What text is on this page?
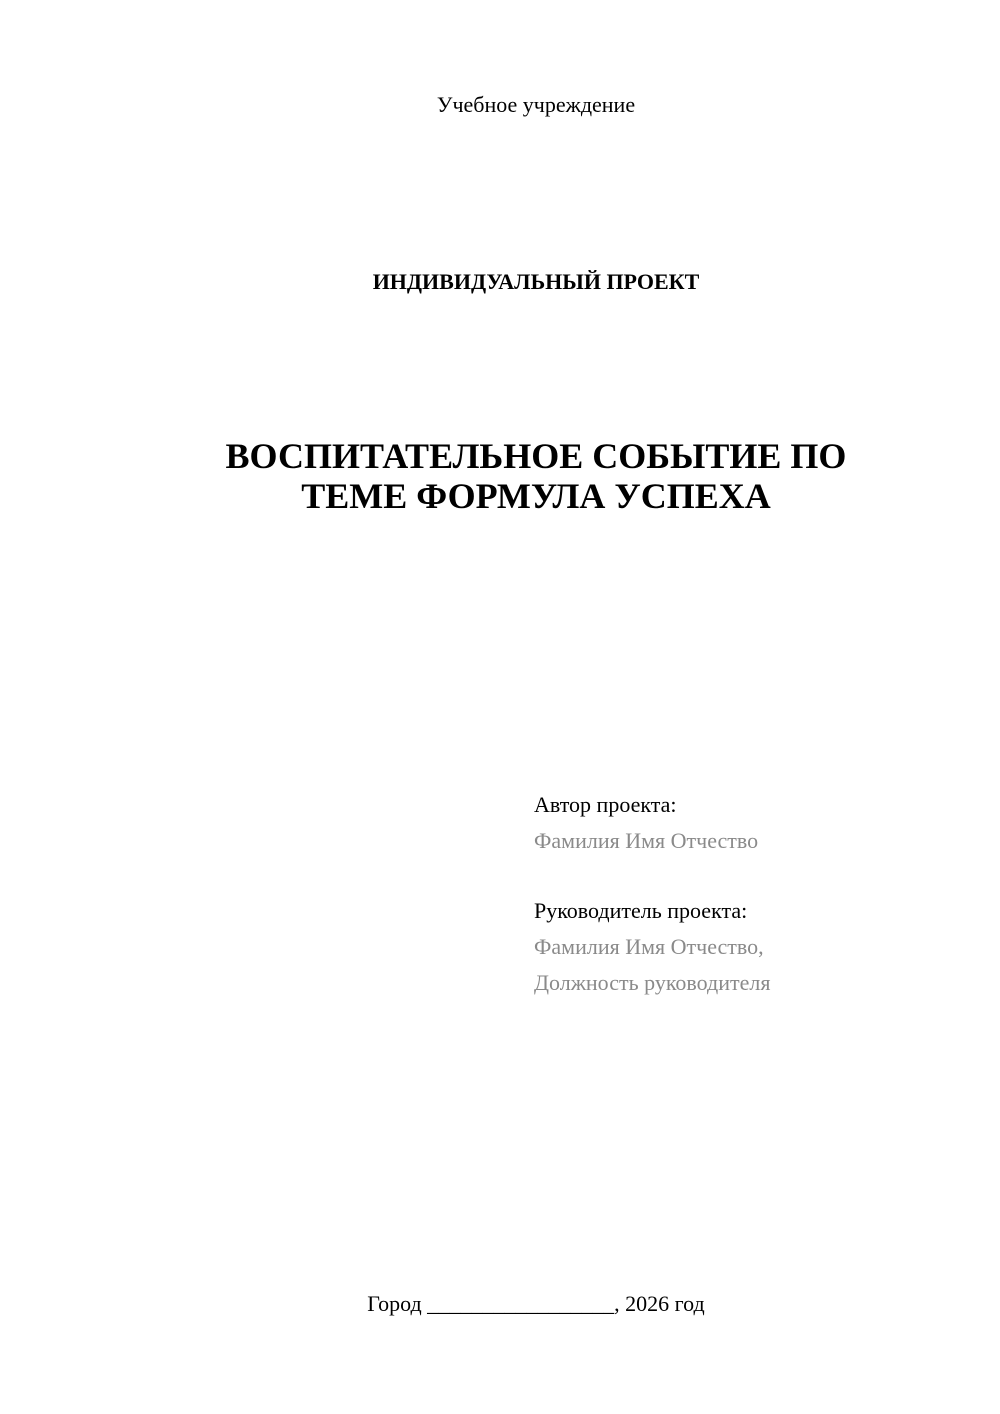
Учебное учреждение
ИНДИВИДУАЛЬНЫЙ ПРОЕКТ
ВОСПИТАТЕЛЬНОЕ СОБЫТИЕ ПО
ТЕМЕ ФОРМУЛА УСПЕХА
Автор проекта:
Фамилия Имя Отчество
Руководитель проекта:
Фамилия Имя Отчество,
Должность руководителя
Город _________________, 2026 год
